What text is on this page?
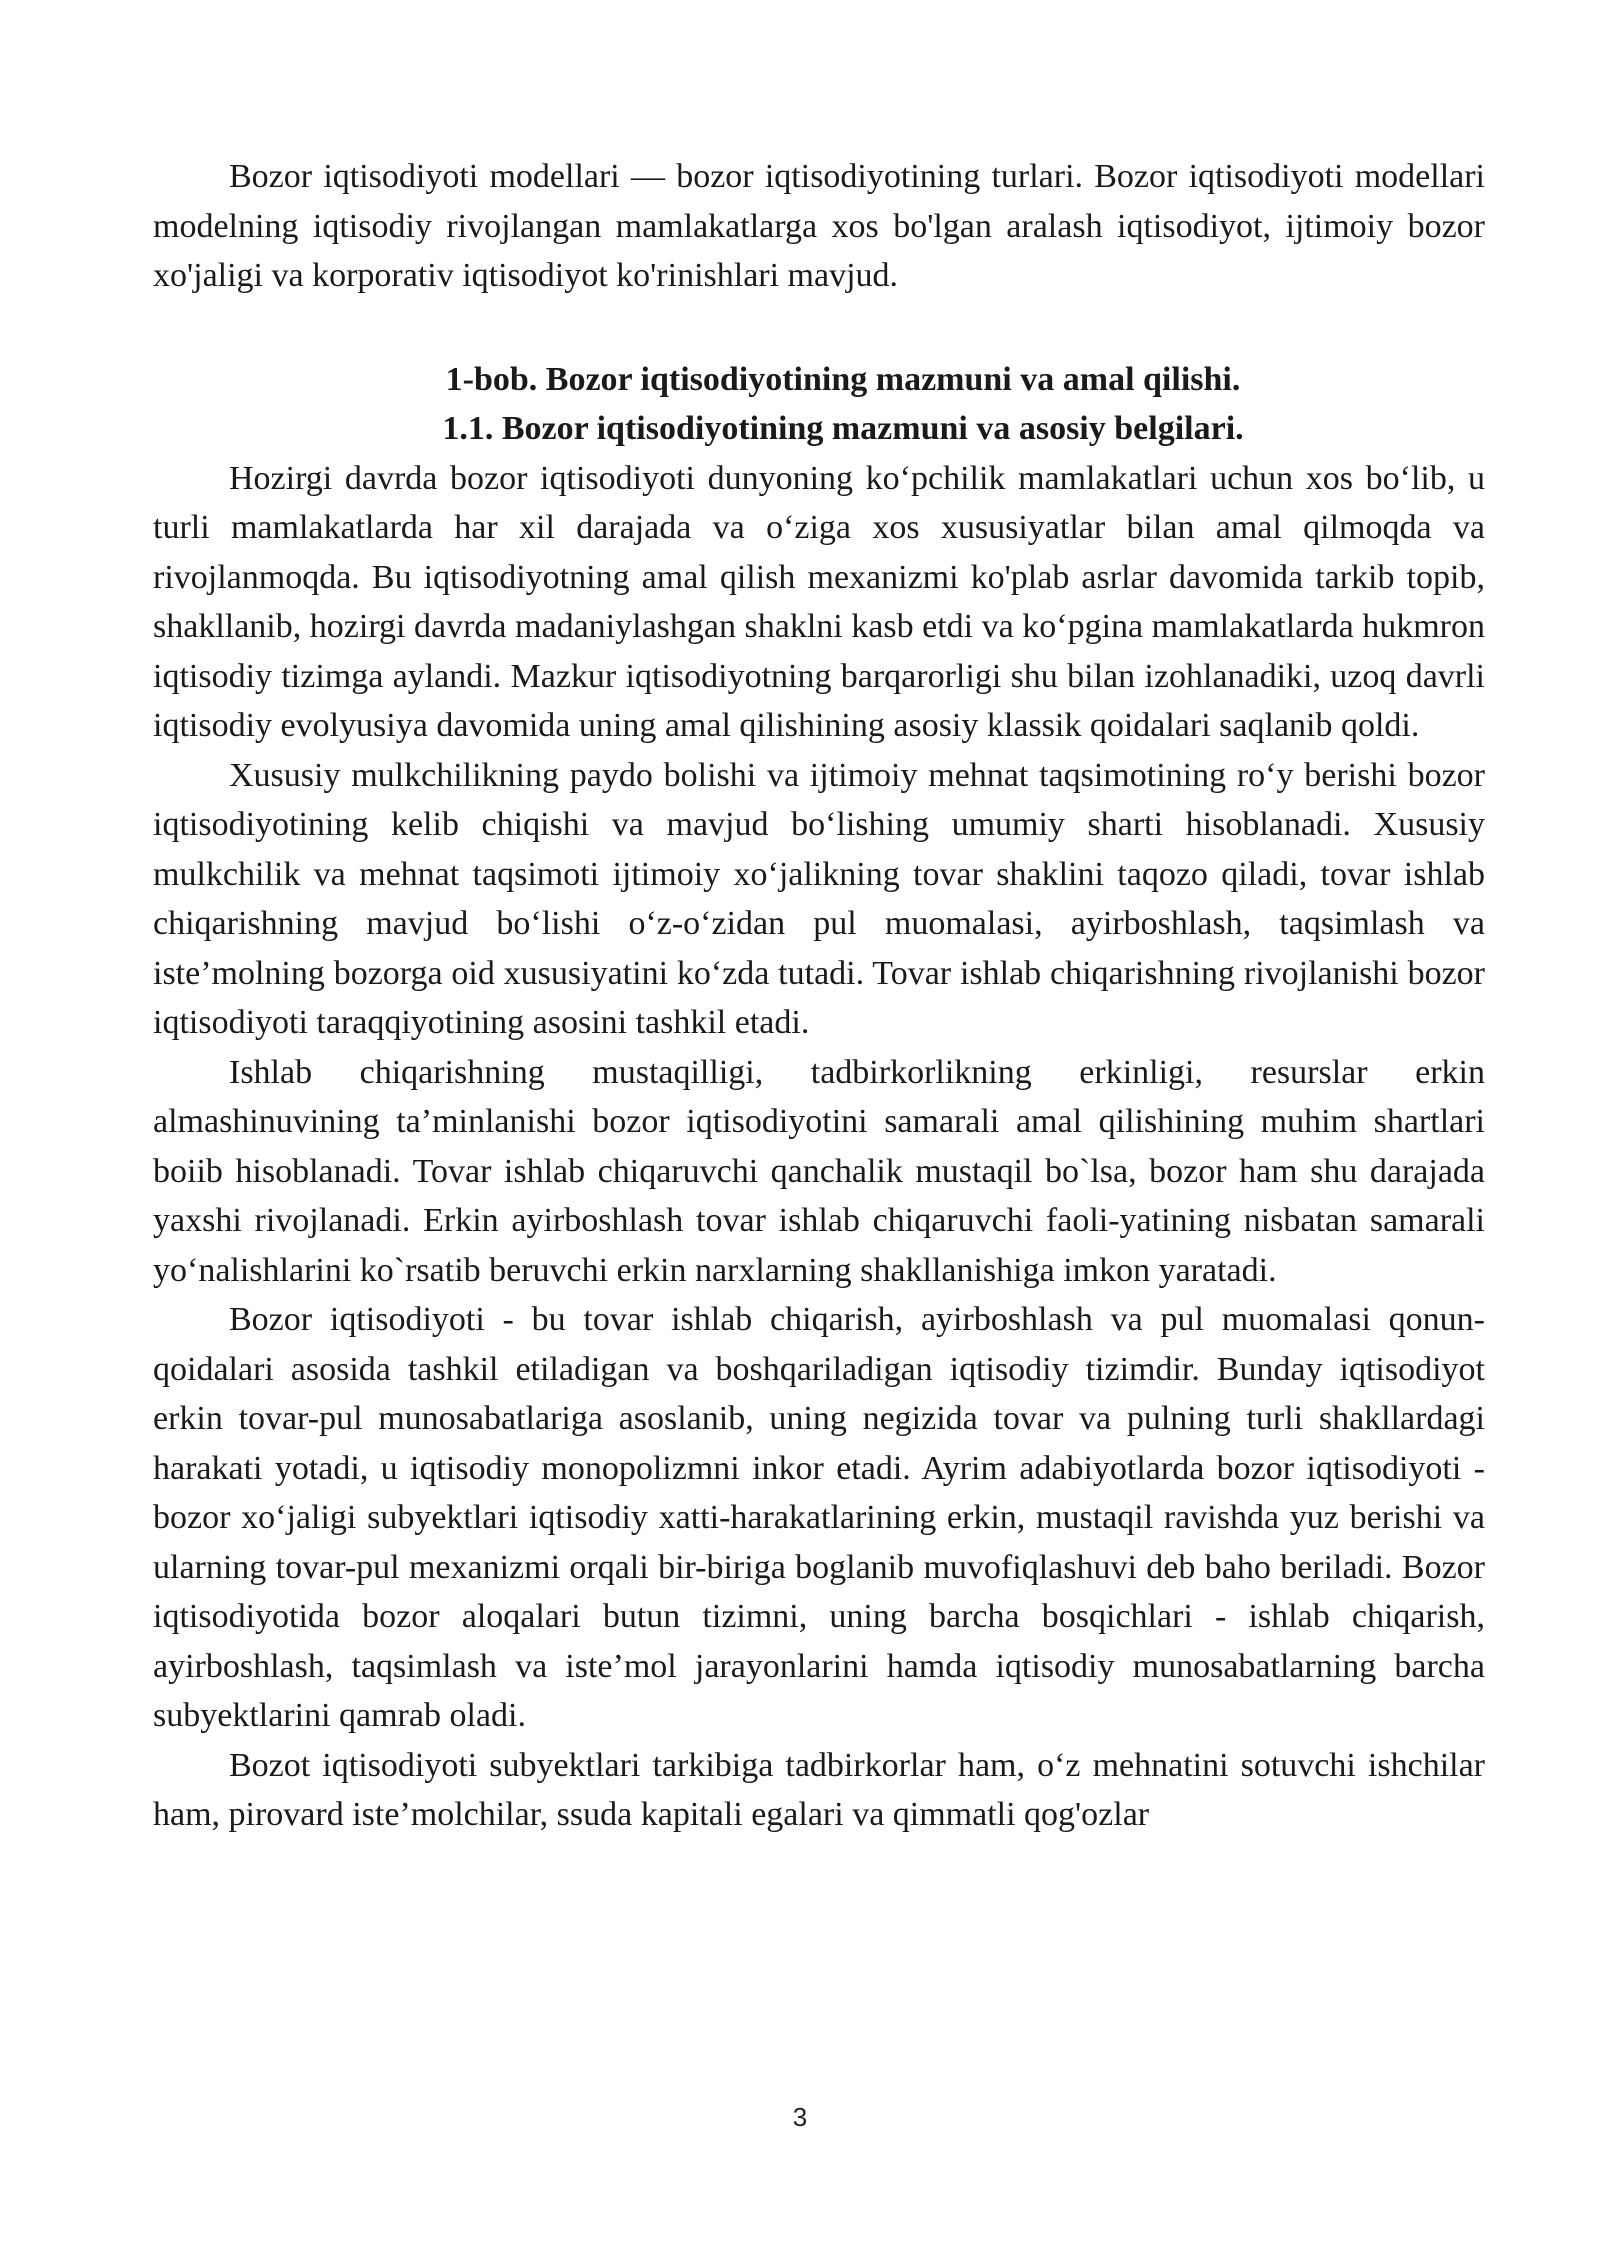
Bozor iqtisodiyoti modellari — bozor iqtisodiyotining turlari. Bozor iqtisodiyoti modellari modelning iqtisodiy rivojlangan mamlakatlarga xos bo'lgan aralash iqtisodiyot, ijtimoiy bozor xo'jaligi va korporativ iqtisodiyot ko'rinishlari mavjud.

1-bob. Bozor iqtisodiyotining mazmuni va amal qilishi.

1.1. Bozor iqtisodiyotining mazmuni va asosiy belgilari.

Hozirgi davrda bozor iqtisodiyoti dunyoning ko‘pchilik mamlakatlari uchun xos bo‘lib, u turli mamlakatlarda har xil darajada va o‘ziga xos xususiyatlar bilan amal qilmoqda va rivojlanmoqda. Bu iqtisodiyotning amal qilish mexanizmi ko'plab asrlar davomida tarkib topib, shakllanib, hozirgi davrda madaniylashgan shaklni kasb etdi va ko‘pgina mamlakatlarda hukmron iqtisodiy tizimga aylandi. Mazkur iqtisodiyotning barqarorligi shu bilan izohlanadiki, uzoq davrli iqtisodiy evolyusiya davomida uning amal qilishining asosiy klassik qoidalari saqlanib qoldi.

Xususiy mulkchilikning paydo bolishi va ijtimoiy mehnat taqsimotining ro‘y berishi bozor iqtisodiyotining kelib chiqishi va mavjud bo‘lishing umumiy sharti hisoblanadi. Xususiy mulkchilik va mehnat taqsimoti ijtimoiy xo‘jalikning tovar shaklini taqozo qiladi, tovar ishlab chiqarishning mavjud bo‘lishi o‘z-o‘zidan pul muomalasi, ayirboshlash, taqsimlash va iste’molning bozorga oid xususiyatini ko‘zda tutadi. Tovar ishlab chiqarishning rivojlanishi bozor iqtisodiyoti taraqqiyotining asosini tashkil etadi.

Ishlab chiqarishning mustaqilligi, tadbirkorlikning erkinligi, resurslar erkin almashinuvining ta’minlanishi bozor iqtisodiyotini samarali amal qilishining muhim shartlari boiib hisoblanadi. Tovar ishlab chiqaruvchi qanchalik mustaqil bo`lsa, bozor ham shu darajada yaxshi rivojlanadi. Erkin ayirboshlash tovar ishlab chiqaruvchi faoli-yatining nisbatan samarali yo‘nalishlarini ko`rsatib beruvchi erkin narxlarning shakllanishiga imkon yaratadi.

Bozor iqtisodiyoti - bu tovar ishlab chiqarish, ayirboshlash va pul muomalasi qonun-qoidalari asosida tashkil etiladigan va boshqariladigan iqtisodiy tizimdir. Bunday iqtisodiyot erkin tovar-pul munosabatlariga asoslanib, uning negizida tovar va pulning turli shakllardagi harakati yotadi, u iqtisodiy monopolizmni inkor etadi. Ayrim adabiyotlarda bozor iqtisodiyoti - bozor xo‘jaligi subyektlari iqtisodiy xatti-harakatlarining erkin, mustaqil ravishda yuz berishi va ularning tovar-pul mexanizmi orqali bir-biriga boglanib muvofiqlashuvi deb baho beriladi. Bozor iqtisodiyotida bozor aloqalari butun tizimni, uning barcha bosqichlari - ishlab chiqarish, ayirboshlash, taqsimlash va iste’mol jarayonlarini hamda iqtisodiy munosabatlarning barcha subyektlarini qamrab oladi.

Bozot iqtisodiyoti subyektlari tarkibiga tadbirkorlar ham, o‘z mehnatini sotuvchi ishchilar ham, pirovard iste’molchilar, ssuda kapitali egalari va qimmatli qog'ozlar

3
